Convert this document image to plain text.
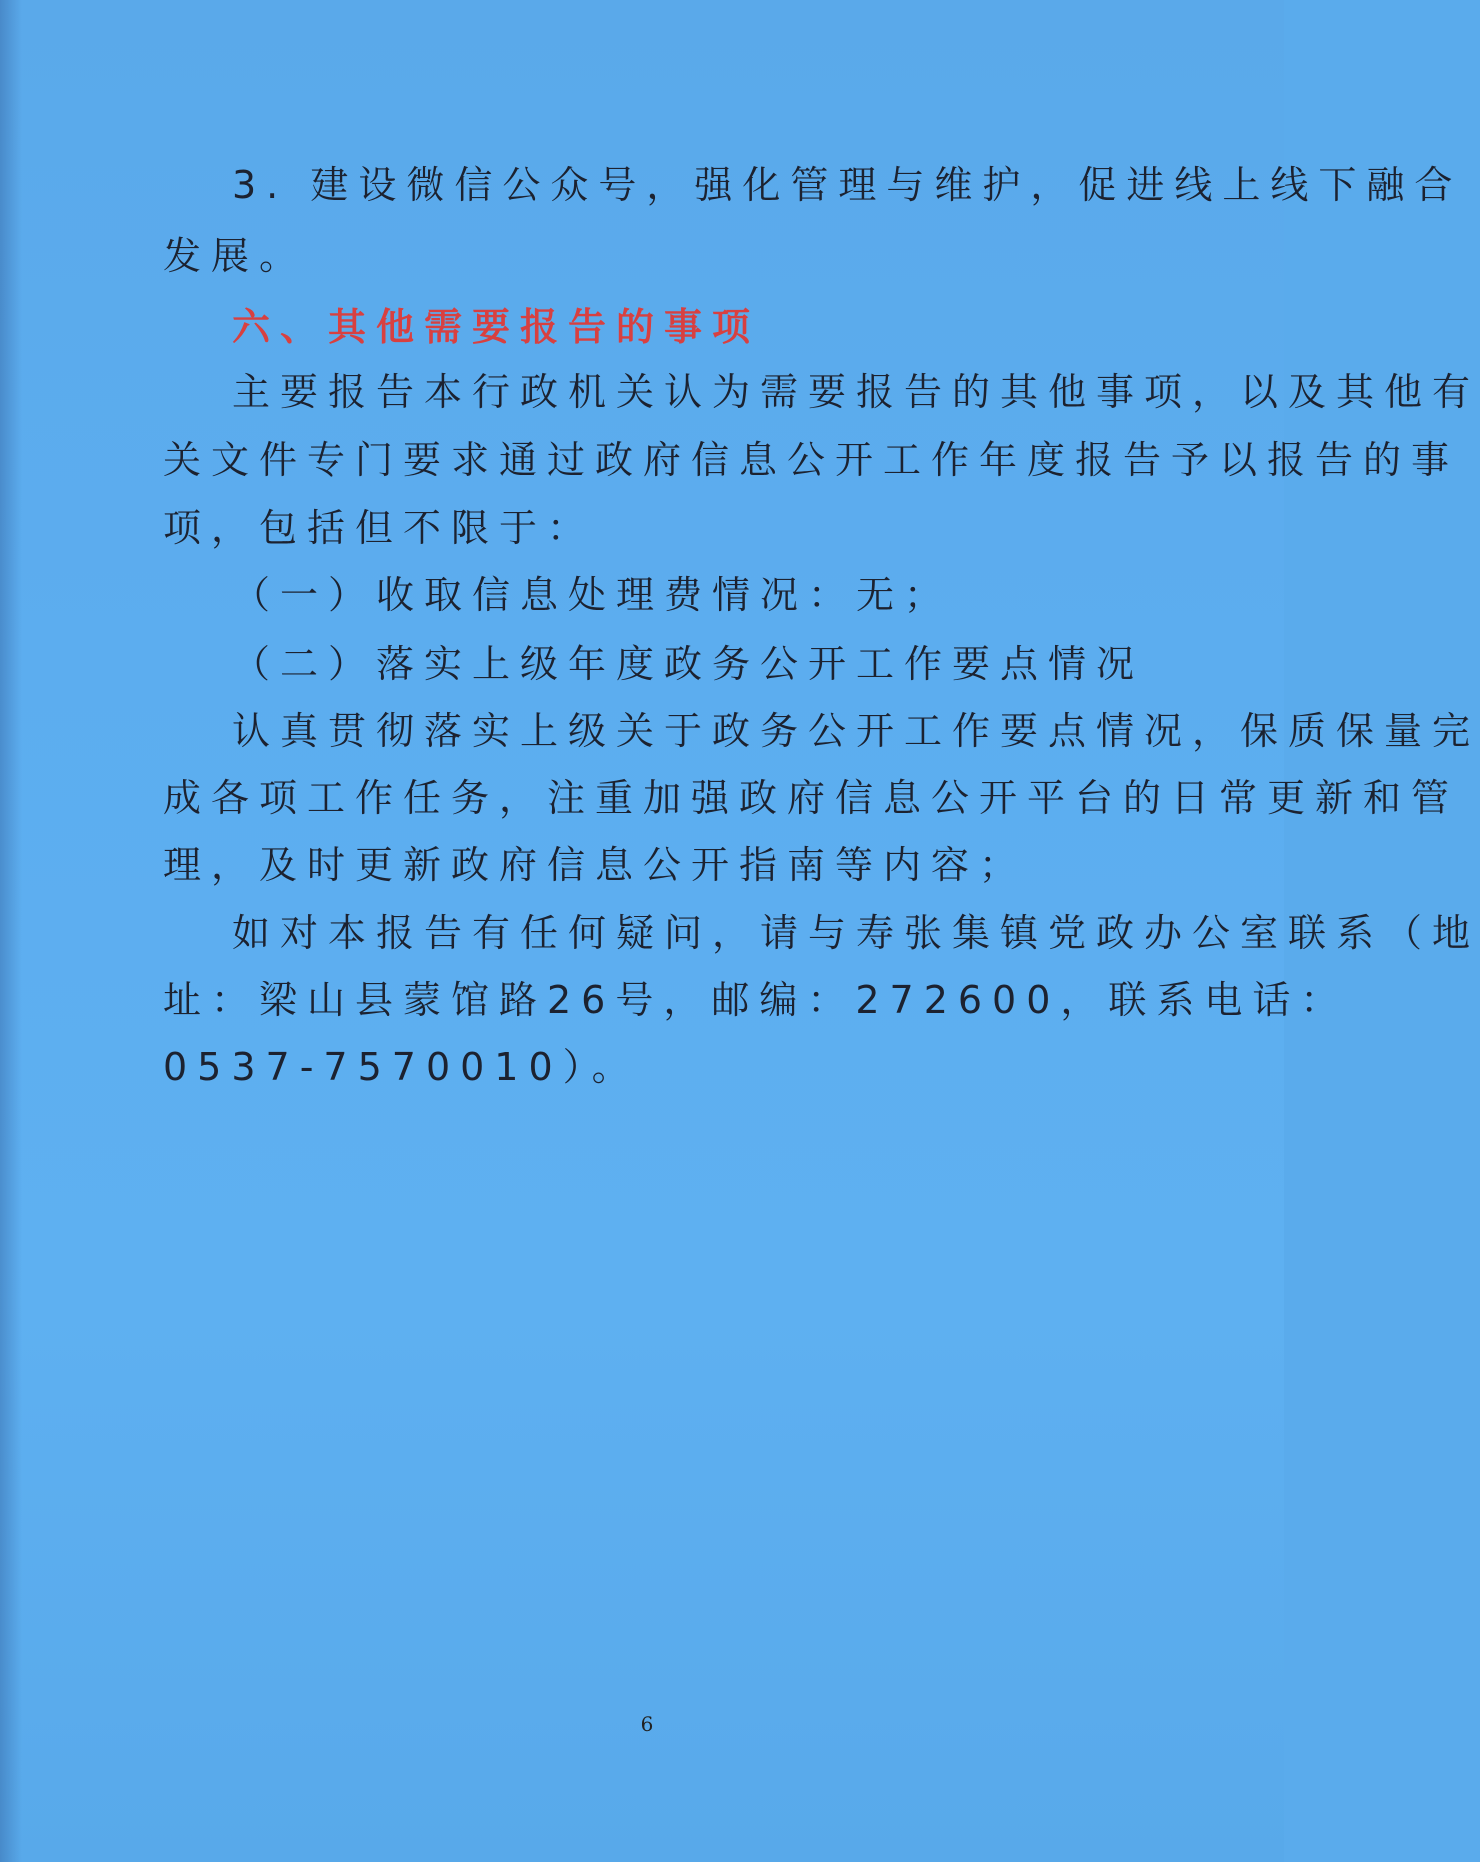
3. 建设微信公众号，强化管理与维护，促进线上线下融合
发展。
六、其他需要报告的事项
主要报告本行政机关认为需要报告的其他事项，以及其他有
关文件专门要求通过政府信息公开工作年度报告予以报告的事
项，包括但不限于：
（一）收取信息处理费情况：无；
（二）落实上级年度政务公开工作要点情况
认真贯彻落实上级关于政务公开工作要点情况，保质保量完
成各项工作任务，注重加强政府信息公开平台的日常更新和管
理，及时更新政府信息公开指南等内容；
如对本报告有任何疑问，请与寿张集镇党政办公室联系（地
址：梁山县蒙馆路26号，邮编：272600，联系电话：
0537-7570010）。
6
